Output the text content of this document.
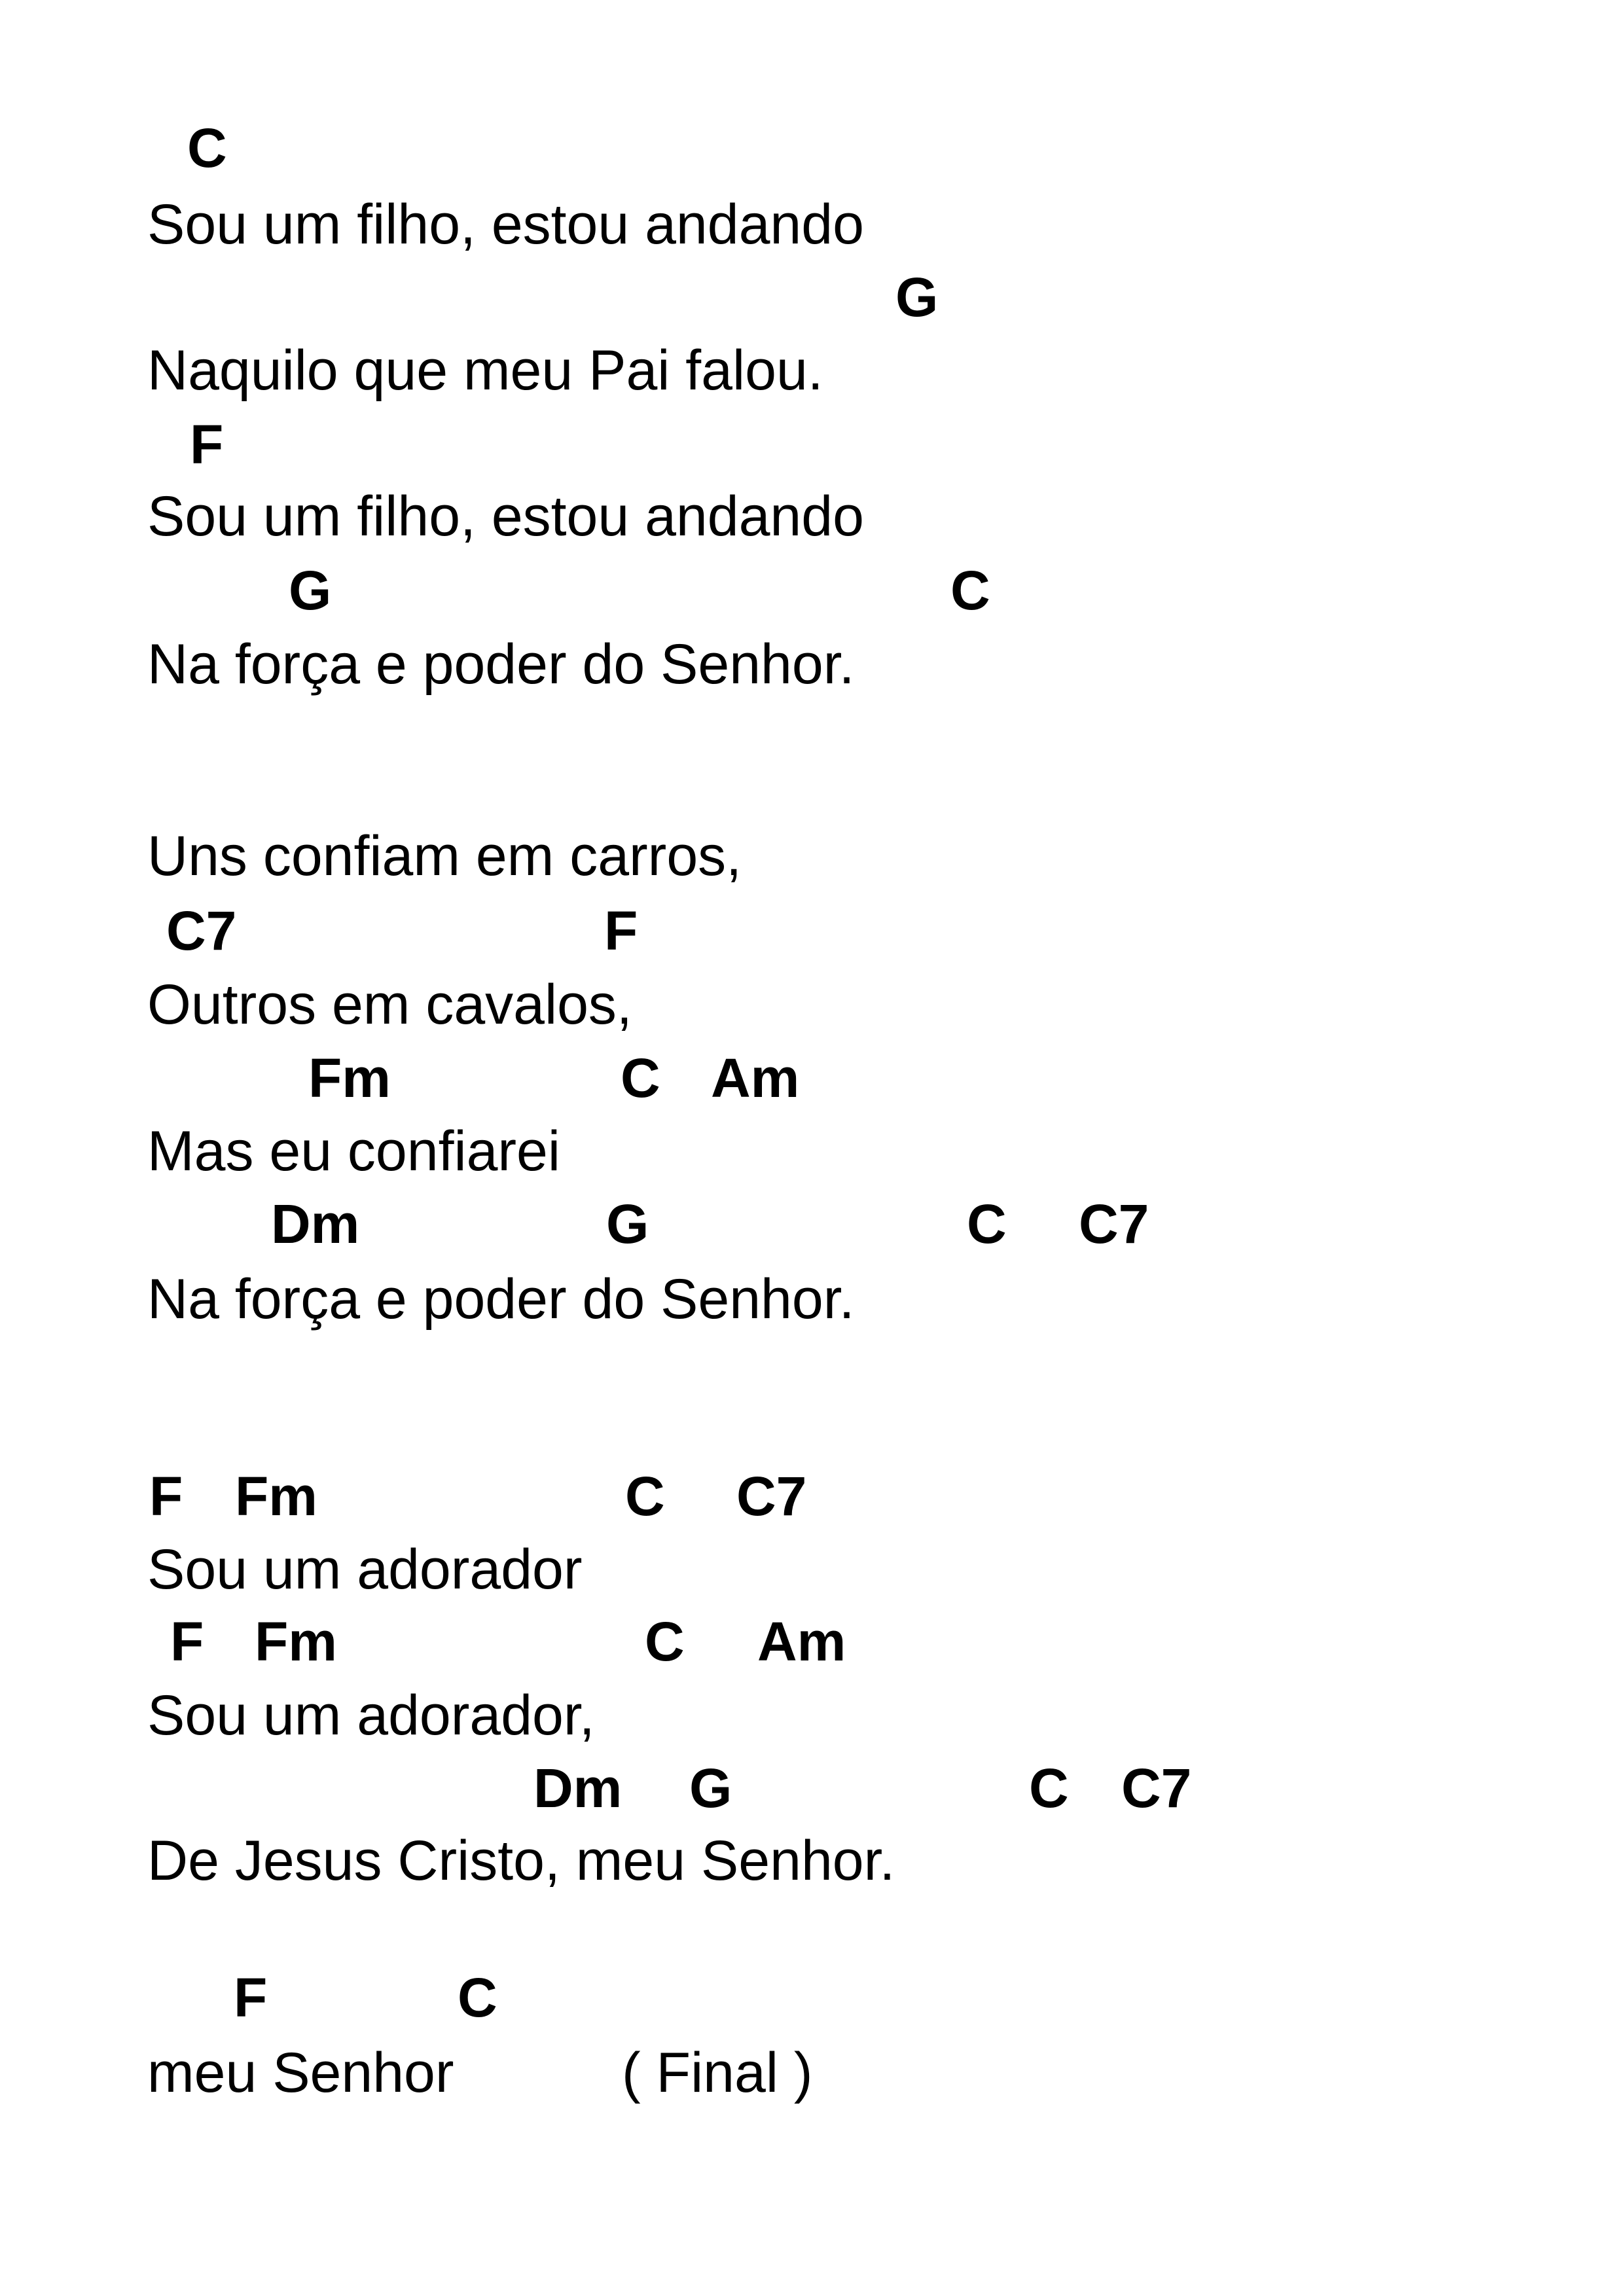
C
Sou um filho, estou andando
G
Naquilo que meu Pai falou.
F
Sou um filho, estou andando
G	C
Na força e poder do Senhor.
Uns confiam em carros,
C7	F
Outros em cavalos,
Fm	C Am
Mas eu confiarei
Dm	G	C C7
Na força e poder do Senhor.
F Fm	C C7
Sou um adorador
F Fm	C Am
Sou um adorador,
Dm G	C C7
De Jesus Cristo, meu Senhor.
F	C
meu Senhor	( Final )
